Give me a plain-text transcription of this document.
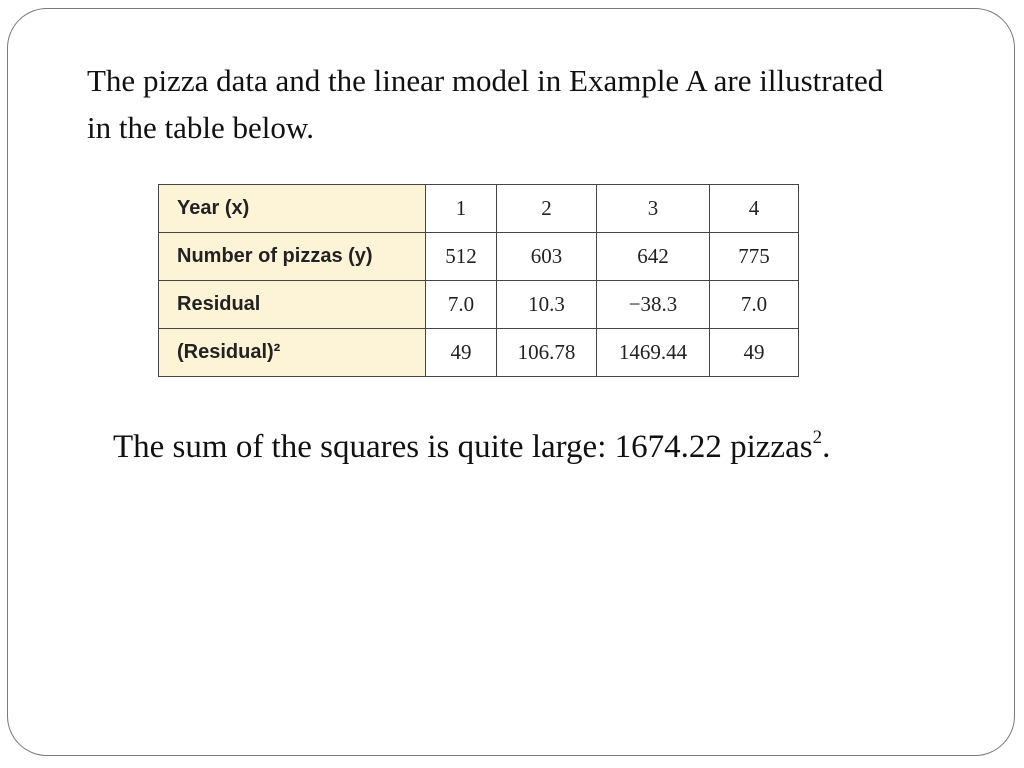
The pizza data and the linear model in Example A are illustrated in the table below.
Year (x)	1	2	3	4
Number of pizzas (y)	512	603	642	775
Residual	7.0	10.3	−38.3	7.0
(Residual)²	49	106.78	1469.44	49
The sum of the squares is quite large: 1674.22 pizzas$^2$.
